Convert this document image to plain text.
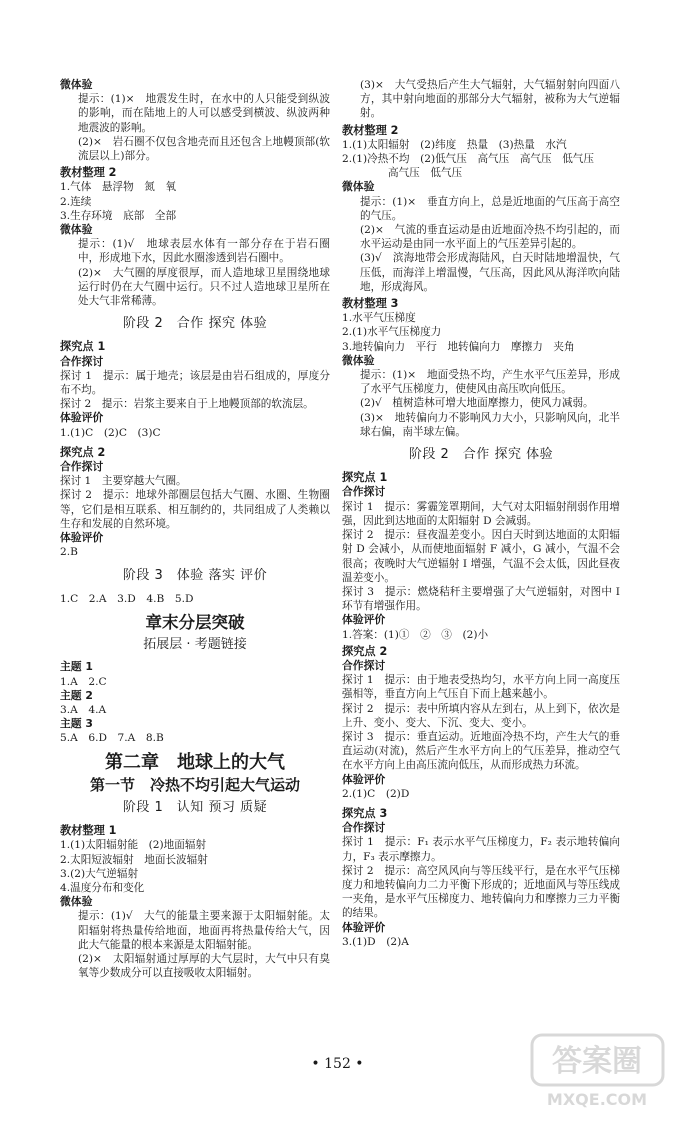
微体验
提示：(1)×　地震发生时，在水中的人只能受到纵波的影响，而在陆地上的人可以感受到横波、纵波两种地震波的影响。
(2)×　岩石圈不仅包含地壳而且还包含上地幔顶部(软流层以上)部分。
教材整理 2
1.气体　悬浮物　氮　氧
2.连续
3.生存环境　底部　全部
微体验
提示：(1)√　地球表层水体有一部分存在于岩石圈中，形成地下水，因此水圈渗透到岩石圈中。
(2)×　大气圈的厚度很厚，而人造地球卫星围绕地球运行时仍在大气圈中运行。只不过人造地球卫星所在处大气非常稀薄。
阶段 2　合作 探究 体验
探究点 1
合作探讨
探讨 1　提示：属于地壳；该层是由岩石组成的，厚度分布不均。
探讨 2　提示：岩浆主要来自于上地幔顶部的软流层。
体验评价
1.(1)C　(2)C　(3)C
探究点 2
合作探讨
探讨 1　主要穿越大气圈。
探讨 2　提示：地球外部圈层包括大气圈、水圈、生物圈等，它们是相互联系、相互制约的，共同组成了人类赖以生存和发展的自然环境。
体验评价
2.B
阶段 3　体验 落实 评价
1.C　2.A　3.D　4.B　5.D
章末分层突破
拓展层 · 考题链接
主题 1
1.A　2.C
主题 2
3.A　4.A
主题 3
5.A　6.D　7.A　8.B
第二章　地球上的大气
第一节　冷热不均引起大气运动
阶段 1　认知 预习 质疑
教材整理 1
1.(1)太阳辐射能　(2)地面辐射
2.太阳短波辐射　地面长波辐射
3.(2)大气逆辐射
4.温度分布和变化
微体验
提示：(1)√　大气的能量主要来源于太阳辐射能。太阳辐射将热量传给地面，地面再将热量传给大气，因此大气能量的根本来源是太阳辐射能。
(2)×　太阳辐射通过厚厚的大气层时，大气中只有臭氧等少数成分可以直接吸收太阳辐射。
(3)×　大气受热后产生大气辐射，大气辐射射向四面八方，其中射向地面的那部分大气辐射，被称为大气逆辐射。
教材整理 2
1.(1)太阳辐射　(2)纬度　热量　(3)热量　水汽
2.(1)冷热不均　(2)低气压　高气压　高气压　低气压
高气压　低气压
微体验
提示：(1)×　垂直方向上，总是近地面的气压高于高空的气压。
(2)×　气流的垂直运动是由近地面冷热不均引起的，而水平运动是由同一水平面上的气压差异引起的。
(3)√　滨海地带会形成海陆风，白天时陆地增温快，气压低，而海洋上增温慢，气压高，因此风从海洋吹向陆地，形成海风。
教材整理 3
1.水平气压梯度
2.(1)水平气压梯度力
3.地转偏向力　平行　地转偏向力　摩擦力　夹角
微体验
提示：(1)×　地面受热不均，产生水平气压差异，形成了水平气压梯度力，使使风由高压吹向低压。
(2)√　植树造林可增大地面摩擦力，使风力减弱。
(3)×　地转偏向力不影响风力大小，只影响风向，北半球右偏，南半球左偏。
阶段 2　合作 探究 体验
探究点 1
合作探讨
探讨 1　提示：雾霾笼罩期间，大气对太阳辐射削弱作用增强，因此到达地面的太阳辐射 D 会减弱。
探讨 2　提示：昼夜温差变小。因白天时到达地面的太阳辐射 D 会减小，从而使地面辐射 F 减小，G 减小，气温不会很高；夜晚时大气逆辐射 I 增强，气温不会太低，因此昼夜温差变小。
探讨 3　提示：燃烧秸秆主要增强了大气逆辐射，对图中 I 环节有增强作用。
体验评价
1.答案：(1)①　②　③　(2)小
探究点 2
合作探讨
探讨 1　提示：由于地表受热均匀，水平方向上同一高度压强相等，垂直方向上气压自下而上越来越小。
探讨 2　提示：表中所填内容从左到右，从上到下，依次是上升、变小、变大、下沉、变大、变小。
探讨 3　提示：垂直运动。近地面冷热不均，产生大气的垂直运动(对流)，然后产生水平方向上的气压差异，推动空气在水平方向上由高压流向低压，从而形成热力环流。
体验评价
2.(1)C　(2)D
探究点 3
合作探讨
探讨 1　提示：F₁ 表示水平气压梯度力，F₂ 表示地转偏向力，F₃ 表示摩擦力。
探讨 2　提示：高空风风向与等压线平行，是在水平气压梯度力和地转偏向力二力平衡下形成的；近地面风与等压线成一夹角，是水平气压梯度力、地转偏向力和摩擦力三力平衡的结果。
体验评价
3.(1)D　(2)A
• 152 •	答案圈
MXQE.COM
